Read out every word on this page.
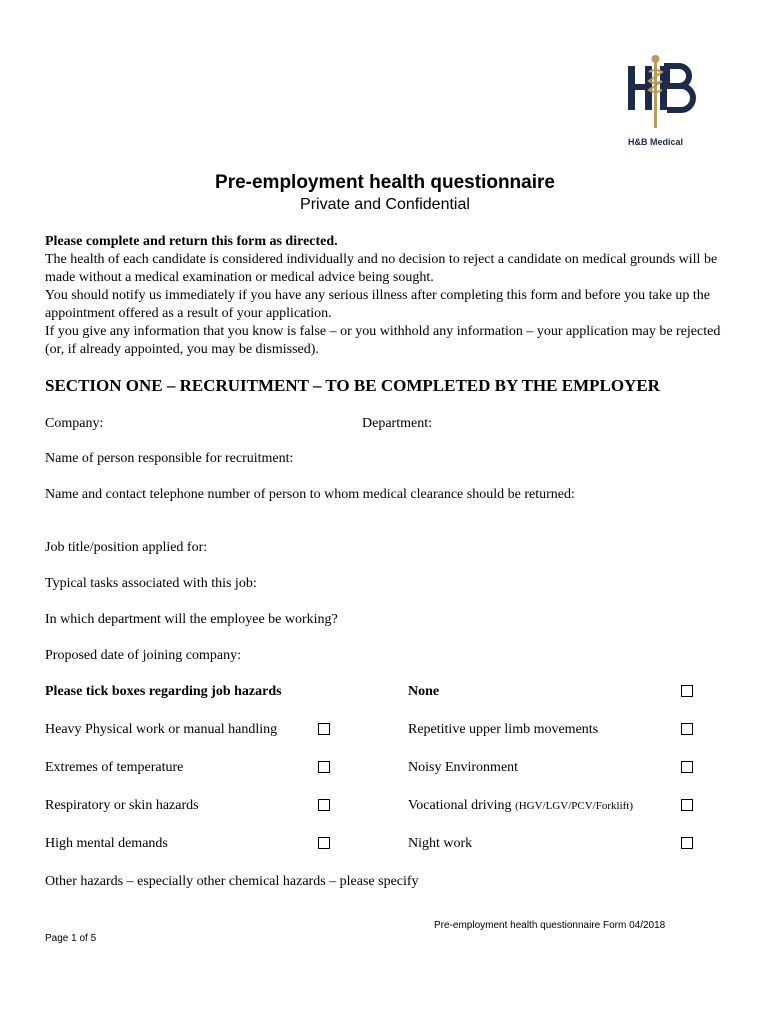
H&B Medical
Pre-employment health questionnaire
Private and Confidential

Please complete and return this form as directed.

The health of each candidate is considered individually and no decision to reject a candidate on medical grounds will be made without a medical examination or medical advice being sought.

You should notify us immediately if you have any serious illness after completing this form and before you take up the appointment offered as a result of your application.

If you give any information that you know is false – or you withhold any information – your application may be rejected (or, if already appointed, you may be dismissed).

SECTION ONE – RECRUITMENT – TO BE COMPLETED BY THE EMPLOYER
Company:	Department:
Name of person responsible for recruitment:
Name and contact telephone number of person to whom medical clearance should be returned:
Job title/position applied for:
Typical tasks associated with this job:
In which department will the employee be working?
Proposed date of joining company:
Please tick boxes regarding job hazards	None
Heavy Physical work or manual handling	Repetitive upper limb movements
Extremes of temperature	Noisy Environment
Respiratory or skin hazards	Vocational driving (HGV/LGV/PCV/Forklift)
High mental demands	Night work
Other hazards – especially other chemical hazards – please specify
Pre-employment health questionnaire Form 04/2018
Page 1 of 5
